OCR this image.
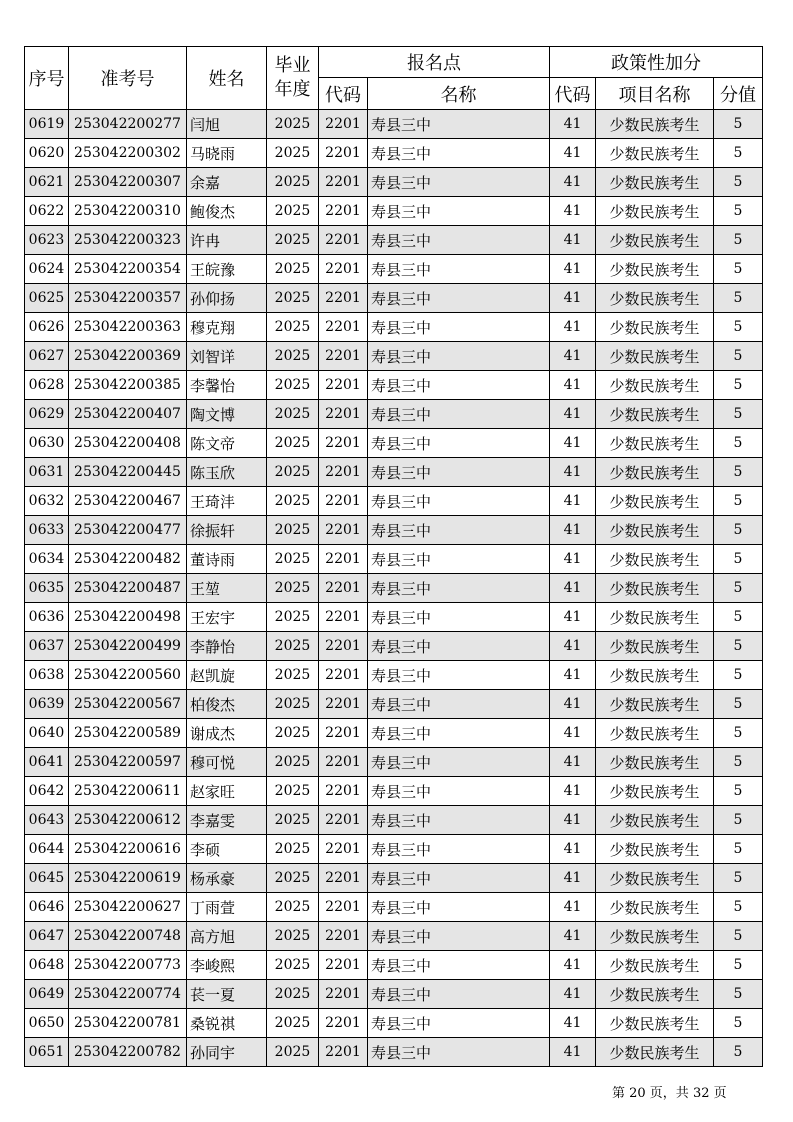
序号	准考号	姓名	毕业年度	报名点		政策性加分		
				代码	名称	代码	项目名称	分值
0619	253042200277	闫旭	2025	2201	寿县三中	41	少数民族考生	5
0620	253042200302	马晓雨	2025	2201	寿县三中	41	少数民族考生	5
0621	253042200307	余嘉	2025	2201	寿县三中	41	少数民族考生	5
0622	253042200310	鲍俊杰	2025	2201	寿县三中	41	少数民族考生	5
0623	253042200323	许冉	2025	2201	寿县三中	41	少数民族考生	5
0624	253042200354	王皖豫	2025	2201	寿县三中	41	少数民族考生	5
0625	253042200357	孙仰扬	2025	2201	寿县三中	41	少数民族考生	5
0626	253042200363	穆克翔	2025	2201	寿县三中	41	少数民族考生	5
0627	253042200369	刘智详	2025	2201	寿县三中	41	少数民族考生	5
0628	253042200385	李馨怡	2025	2201	寿县三中	41	少数民族考生	5
0629	253042200407	陶文博	2025	2201	寿县三中	41	少数民族考生	5
0630	253042200408	陈文帝	2025	2201	寿县三中	41	少数民族考生	5
0631	253042200445	陈玉欣	2025	2201	寿县三中	41	少数民族考生	5
0632	253042200467	王琦沣	2025	2201	寿县三中	41	少数民族考生	5
0633	253042200477	徐振轩	2025	2201	寿县三中	41	少数民族考生	5
0634	253042200482	董诗雨	2025	2201	寿县三中	41	少数民族考生	5
0635	253042200487	王堃	2025	2201	寿县三中	41	少数民族考生	5
0636	253042200498	王宏宇	2025	2201	寿县三中	41	少数民族考生	5
0637	253042200499	李静怡	2025	2201	寿县三中	41	少数民族考生	5
0638	253042200560	赵凯旋	2025	2201	寿县三中	41	少数民族考生	5
0639	253042200567	柏俊杰	2025	2201	寿县三中	41	少数民族考生	5
0640	253042200589	谢成杰	2025	2201	寿县三中	41	少数民族考生	5
0641	253042200597	穆可悦	2025	2201	寿县三中	41	少数民族考生	5
0642	253042200611	赵家旺	2025	2201	寿县三中	41	少数民族考生	5
0643	253042200612	李嘉雯	2025	2201	寿县三中	41	少数民族考生	5
0644	253042200616	李硕	2025	2201	寿县三中	41	少数民族考生	5
0645	253042200619	杨承豪	2025	2201	寿县三中	41	少数民族考生	5
0646	253042200627	丁雨萱	2025	2201	寿县三中	41	少数民族考生	5
0647	253042200748	高方旭	2025	2201	寿县三中	41	少数民族考生	5
0648	253042200773	李峻熙	2025	2201	寿县三中	41	少数民族考生	5
0649	253042200774	苌一夏	2025	2201	寿县三中	41	少数民族考生	5
0650	253042200781	桑锐祺	2025	2201	寿县三中	41	少数民族考生	5
0651	253042200782	孙同宇	2025	2201	寿县三中	41	少数民族考生	5
第 20 页，共 32 页
